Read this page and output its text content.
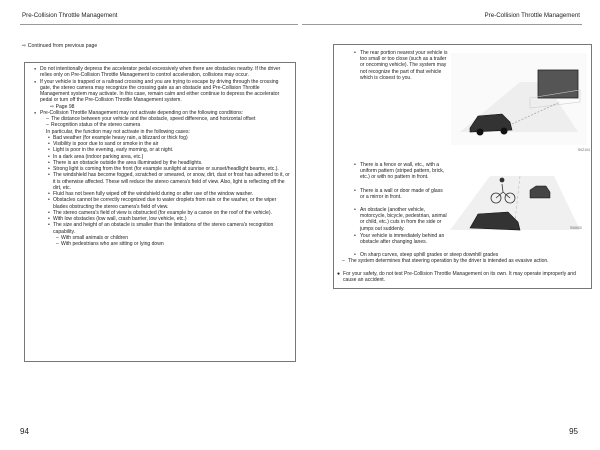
Pre-Collision Throttle Management
⇨ Continued from previous page
● Do not intentionally depress the accelerator pedal excessively when there are obstacles nearby. If the driver relies only on Pre-Collision Throttle Management to control acceleration, collisions may occur.
● If your vehicle is trapped or a railroad crossing and you are trying to escape by driving through the crossing gate, the stereo camera may recognize the crossing gate as an obstacle and Pre-Collision Throttle Management system may activate. In this case, remain calm and either continue to depress the accelerator pedal or turn off the Pre-Collision Throttle Management system.
⇨ Page 98
● Pre-Collision Throttle Management may not activate depending on the following conditions:
– The distance between your vehicle and the obstacle, speed difference, and horizontal offset
– Recognition status of the stereo camera
In particular, the function may not activate in the following cases:
• Bad weather (for example heavy rain, a blizzard or thick fog)
• Visibility is poor due to sand or smoke in the air
• Light is poor in the evening, early morning, or at night.
• In a dark area (indoor parking area, etc.)
• There is an obstacle outside the area illuminated by the headlights.
• Strong light is coming from the front (for example sunlight at sunrise or sunset/headlight beams, etc.).
• The windshield has become fogged, scratched or smeared, or snow, dirt, dust or frost has adhered to it, or it is otherwise affected. These will reduce the stereo camera's field of view. Also, light is reflecting off the dirt, etc.
• Fluid has not been fully wiped off the windshield during or after use of the window washer.
• Obstacles cannot be correctly recognized due to water droplets from rain or the washer, or the wiper blades obstructing the stereo camera's field of view.
• The stereo camera's field of view is obstructed (for example by a canoe on the roof of the vehicle).
• With low obstacles (low wall, crash barrier, low vehicle, etc.)
• The size and height of an obstacle is smaller than the limitations of the stereo camera's recognition capability.
– With small animals or children
– With pedestrians who are sitting or lying down
94
Pre-Collision Throttle Management
• The rear portion nearest your vehicle is too small or too close (such as a trailer or oncoming vehicle). The system may not recognize the part of that vehicle which is closest to you.
S0Z104
• There is a fence or wall, etc., with a uniform pattern (striped pattern, brick, etc.) or with no pattern in front.
• There is a wall or door made of glass or a mirror in front.
• An obstacle (another vehicle, motorcycle, bicycle, pedestrian, animal or child, etc.) cuts in from the side or jumps out suddenly.
• Your vehicle is immediately behind an obstacle after changing lanes.
S06603
• On sharp curves, steep uphill grades or steep downhill grades
– The system determines that steering operation by the driver is intended as evasive action.
● For your safety, do not test Pre-Collision Throttle Management on its own. It may operate improperly and cause an accident.
95
